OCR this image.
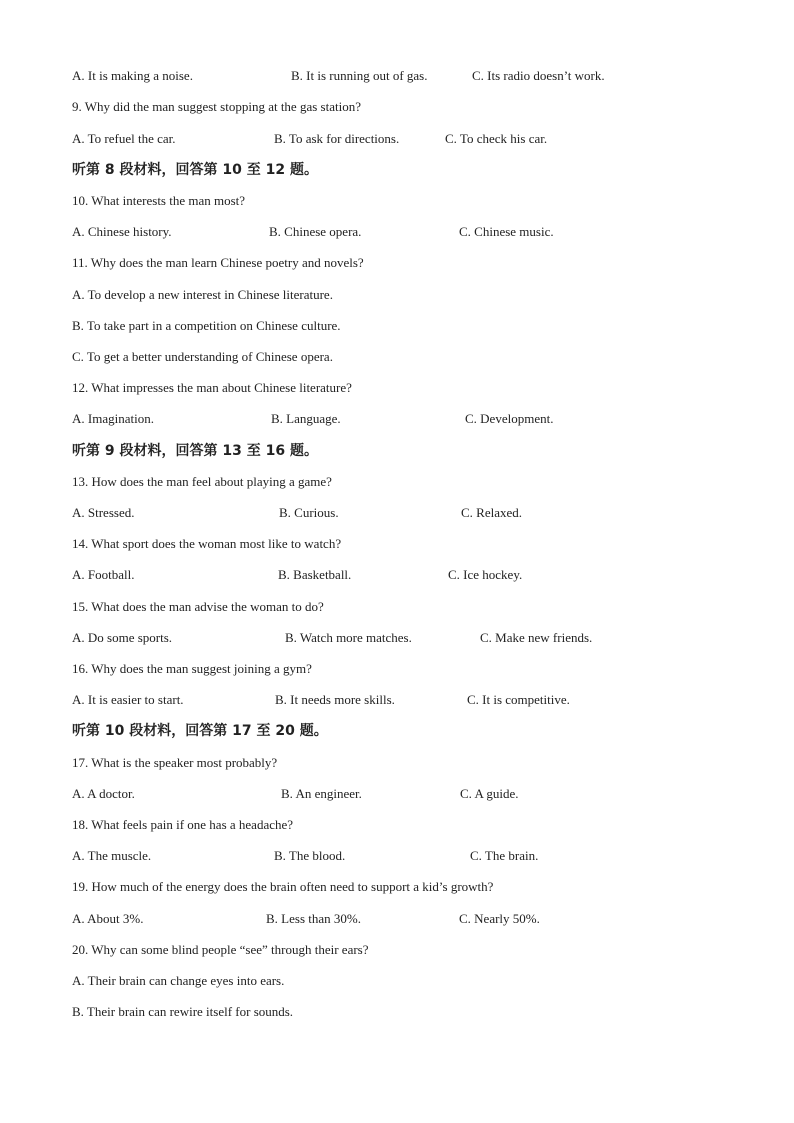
A. It is making a noise.	B. It is running out of gas.	C. Its radio doesn’t work.
9. Why did the man suggest stopping at the gas station?
A. To refuel the car.	B. To ask for directions.	C. To check his car.
听第 8 段材料，回答第 10 至 12 题。
10. What interests the man most?
A. Chinese history.	B. Chinese opera.	C. Chinese music.
11. Why does the man learn Chinese poetry and novels?
A. To develop a new interest in Chinese literature.
B. To take part in a competition on Chinese culture.
C. To get a better understanding of Chinese opera.
12. What impresses the man about Chinese literature?
A. Imagination.	B. Language.	C. Development.
听第 9 段材料，回答第 13 至 16 题。
13. How does the man feel about playing a game?
A. Stressed.	B. Curious.	C. Relaxed.
14. What sport does the woman most like to watch?
A. Football.	B. Basketball.	C. Ice hockey.
15. What does the man advise the woman to do?
A. Do some sports.	B. Watch more matches.	C. Make new friends.
16. Why does the man suggest joining a gym?
A. It is easier to start.	B. It needs more skills.	C. It is competitive.
听第 10 段材料，回答第 17 至 20 题。
17. What is the speaker most probably?
A. A doctor.	B. An engineer.	C. A guide.
18. What feels pain if one has a headache?
A. The muscle.	B. The blood.	C. The brain.
19. How much of the energy does the brain often need to support a kid’s growth?
A. About 3%.	B. Less than 30%.	C. Nearly 50%.
20. Why can some blind people “see” through their ears?
A. Their brain can change eyes into ears.
B. Their brain can rewire itself for sounds.
